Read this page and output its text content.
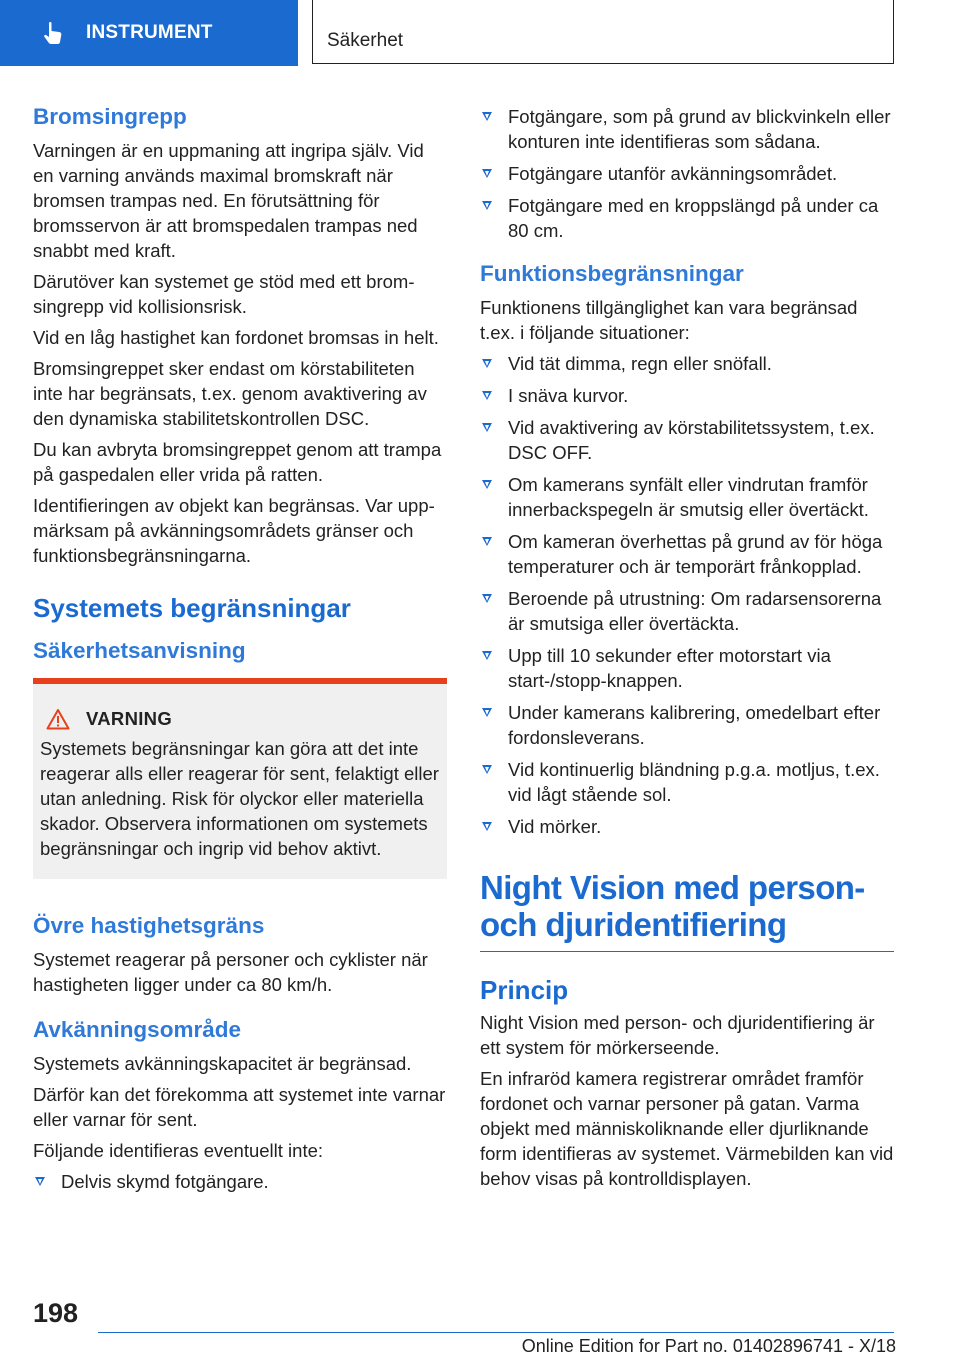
INSTRUMENT	Säkerhet
Bromsingrepp

Varningen är en uppmaning att ingripa själv. Vid en varning används maximal bromskraft när bromsen trampas ned. En förutsättning för bromsservon är att bromspedalen trampas ned snabbt med kraft.

Därutöver kan systemet ge stöd med ett bromsingrepp vid kollisionsrisk.

Vid en låg hastighet kan fordonet bromsas in helt.

Bromsingreppet sker endast om körstabiliteten inte har begränsats, t.ex. genom avaktivering av den dynamiska stabilitetskontrollen DSC.

Du kan avbryta bromsingreppet genom att trampa på gaspedalen eller vrida på ratten.

Identifieringen av objekt kan begränsas. Var uppmärksam på avkänningsområdets gränser och funktionsbegränsningarna.

Systemets begränsningar
Säkerhetsanvisning
VARNING

Systemets begränsningar kan göra att det inte reagerar alls eller reagerar för sent, felaktigt eller utan anledning. Risk för olyckor eller materiella skador. Observera informationen om systemets begränsningar och ingrip vid behov aktivt.

Övre hastighetsgräns

Systemet reagerar på personer och cyklister när hastigheten ligger under ca 80 km/h.

Avkänningsområde

Systemets avkänningskapacitet är begränsad.

Därför kan det förekomma att systemet inte varnar eller varnar för sent.

Följande identifieras eventuellt inte:

Delvis skymd fotgängare.
Fotgängare, som på grund av blickvinkeln eller konturen inte identifieras som sådana.
Fotgängare utanför avkänningsområdet.
Fotgängare med en kroppslängd på under ca 80 cm.
Funktionsbegränsningar

Funktionens tillgänglighet kan vara begränsad t.ex. i följande situationer:

Vid tät dimma, regn eller snöfall.
I snäva kurvor.
Vid avaktivering av körstabilitetssystem, t.ex. DSC OFF.
Om kamerans synfält eller vindrutan framför innerbackspegeln är smutsig eller övertäckt.
Om kameran överhettas på grund av för höga temperaturer och är temporärt frånkopplad.
Beroende på utrustning: Om radarsensorerna är smutsiga eller övertäckta.
Upp till 10 sekunder efter motorstart via start-/stopp-knappen.
Under kamerans kalibrering, omedelbart efter fordonsleverans.
Vid kontinuerlig bländning p.g.a. motljus, t.ex. vid lågt stående sol.
Vid mörker.
Night Vision med person- och djuridentifiering
Princip

Night Vision med person- och djuridentifiering är ett system för mörkerseende.

En infraröd kamera registrerar området framför fordonet och varnar personer på gatan. Varma objekt med människoliknande eller djurliknande form identifieras av systemet. Värmebilden kan vid behov visas på kontrolldisplayen.

198
Online Edition for Part no. 01402896741 - X/18
